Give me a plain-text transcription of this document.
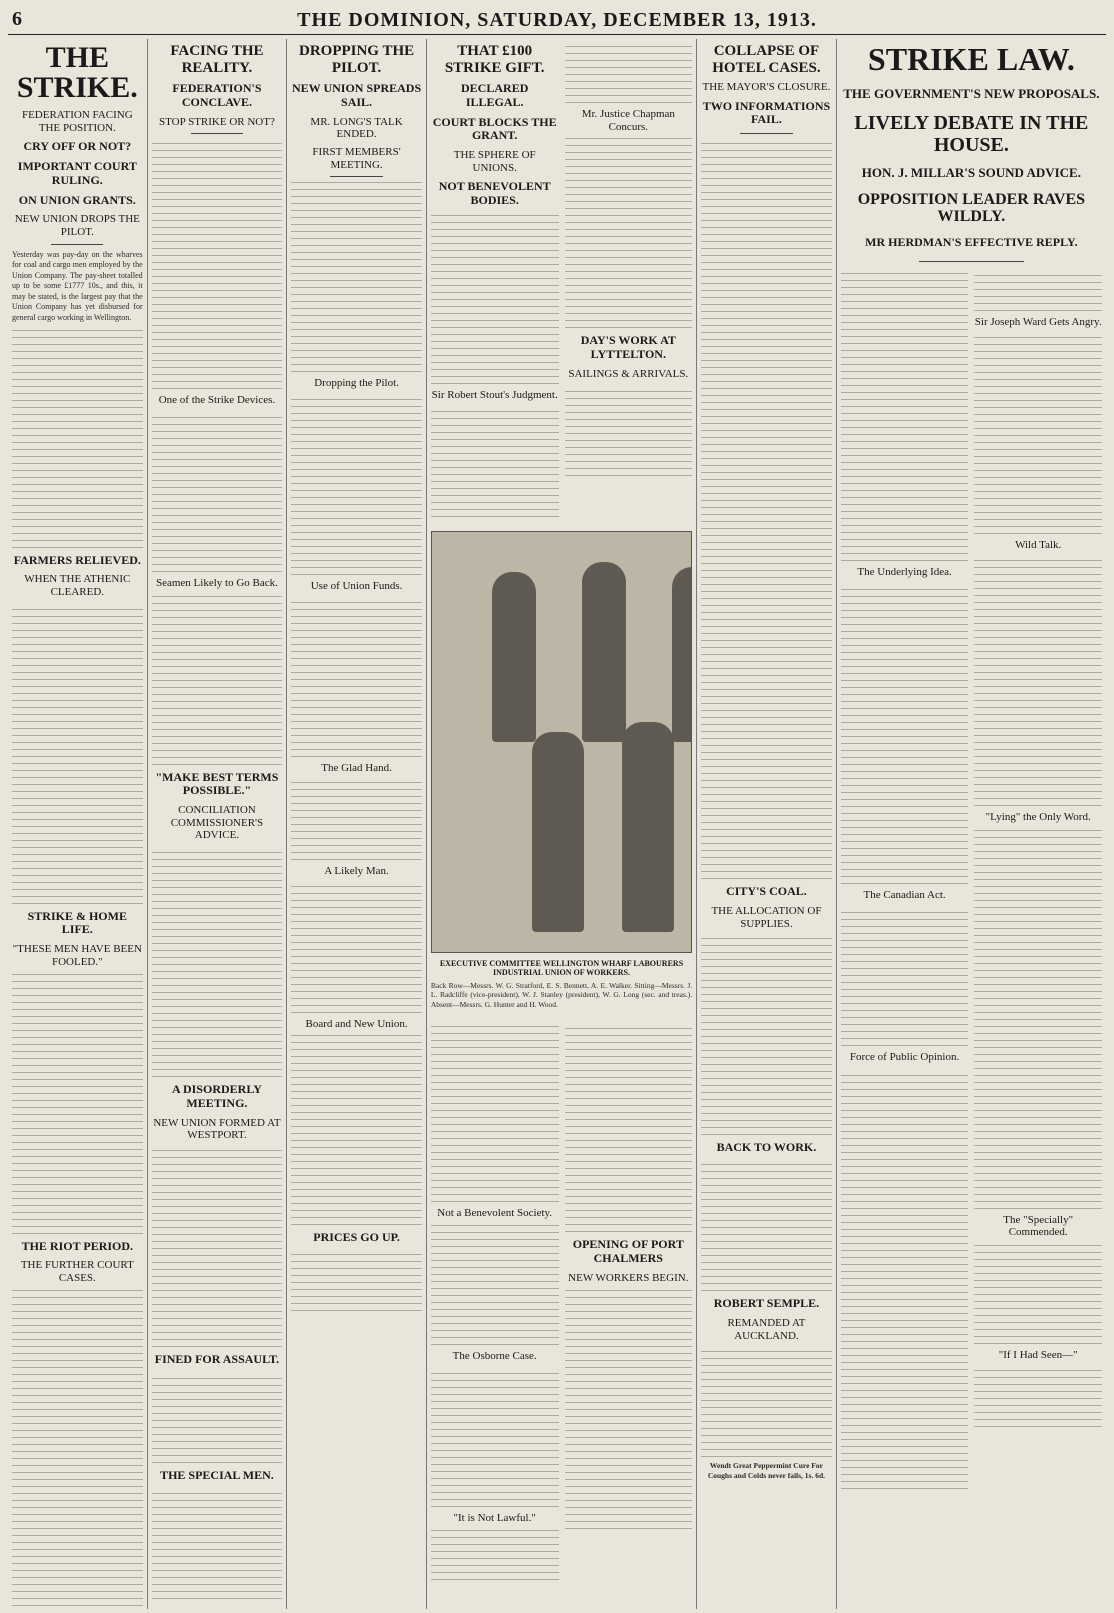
6	THE DOMINION, SATURDAY, DECEMBER 13, 1913.
THE STRIKE.
FEDERATION FACING THE POSITION.
CRY OFF OR NOT?
IMPORTANT COURT RULING.
ON UNION GRANTS.
NEW UNION DROPS THE PILOT.

Yesterday was pay-day on the wharves for coal and cargo men employed by the Union Company. The pay-sheet totalled up to be some £1777 10s., and this, it may be stated, is the largest pay that the Union Company has yet disbursed for general cargo working in Wellington.

FARMERS RELIEVED.
WHEN THE ATHENIC CLEARED.
STRIKE & HOME LIFE.
"THESE MEN HAVE BEEN FOOLED."
THE RIOT PERIOD.
THE FURTHER COURT CASES.
FACING THE REALITY.
FEDERATION'S CONCLAVE.
STOP STRIKE OR NOT?
One of the Strike Devices.
Seamen Likely to Go Back.
"MAKE BEST TERMS POSSIBLE."
CONCILIATION COMMISSIONER'S ADVICE.
A DISORDERLY MEETING.
NEW UNION FORMED AT WESTPORT.
FINED FOR ASSAULT.
THE SPECIAL MEN.
DROPPING THE PILOT.
NEW UNION SPREADS SAIL.
MR. LONG'S TALK ENDED.
FIRST MEMBERS' MEETING.
Dropping the Pilot.
Use of Union Funds.
The Glad Hand.
A Likely Man.
Board and New Union.
PRICES GO UP.
THAT £100 STRIKE GIFT.
DECLARED ILLEGAL.
COURT BLOCKS THE GRANT.
THE SPHERE OF UNIONS.
NOT BENEVOLENT BODIES.
Sir Robert Stout's Judgment.
Mr. Justice Chapman Concurs.
DAY'S WORK AT LYTTELTON.
SAILINGS & ARRIVALS.
EXECUTIVE COMMITTEE WELLINGTON WHARF LABOURERS INDUSTRIAL UNION OF WORKERS.
Back Row—Messrs. W. G. Stratford, E. S. Bennett, A. E. Walker. Sitting—Messrs. J. L. Radcliffe (vice-president), W. J. Stanley (president), W. G. Long (sec. and treas.). Absent—Messrs. G. Hunter and H. Wood.
Not a Benevolent Society.
The Osborne Case.
"It is Not Lawful."
OPENING OF PORT CHALMERS
NEW WORKERS BEGIN.
COLLAPSE OF HOTEL CASES.
THE MAYOR'S CLOSURE.
TWO INFORMATIONS FAIL.
CITY'S COAL.
THE ALLOCATION OF SUPPLIES.
BACK TO WORK.
ROBERT SEMPLE.
REMANDED AT AUCKLAND.
Wendt Great Peppermint Cure For Coughs and Colds never fails, 1s. 6d.
STRIKE LAW.
THE GOVERNMENT'S NEW PROPOSALS.
LIVELY DEBATE IN THE HOUSE.
HON. J. MILLAR'S SOUND ADVICE.
OPPOSITION LEADER RAVES WILDLY.
MR HERDMAN'S EFFECTIVE REPLY.
The Underlying Idea.
The Canadian Act.
Force of Public Opinion.
Sir Joseph Ward Gets Angry.
Wild Talk.
"Lying" the Only Word.
The "Specially" Commended.
"If I Had Seen—"
